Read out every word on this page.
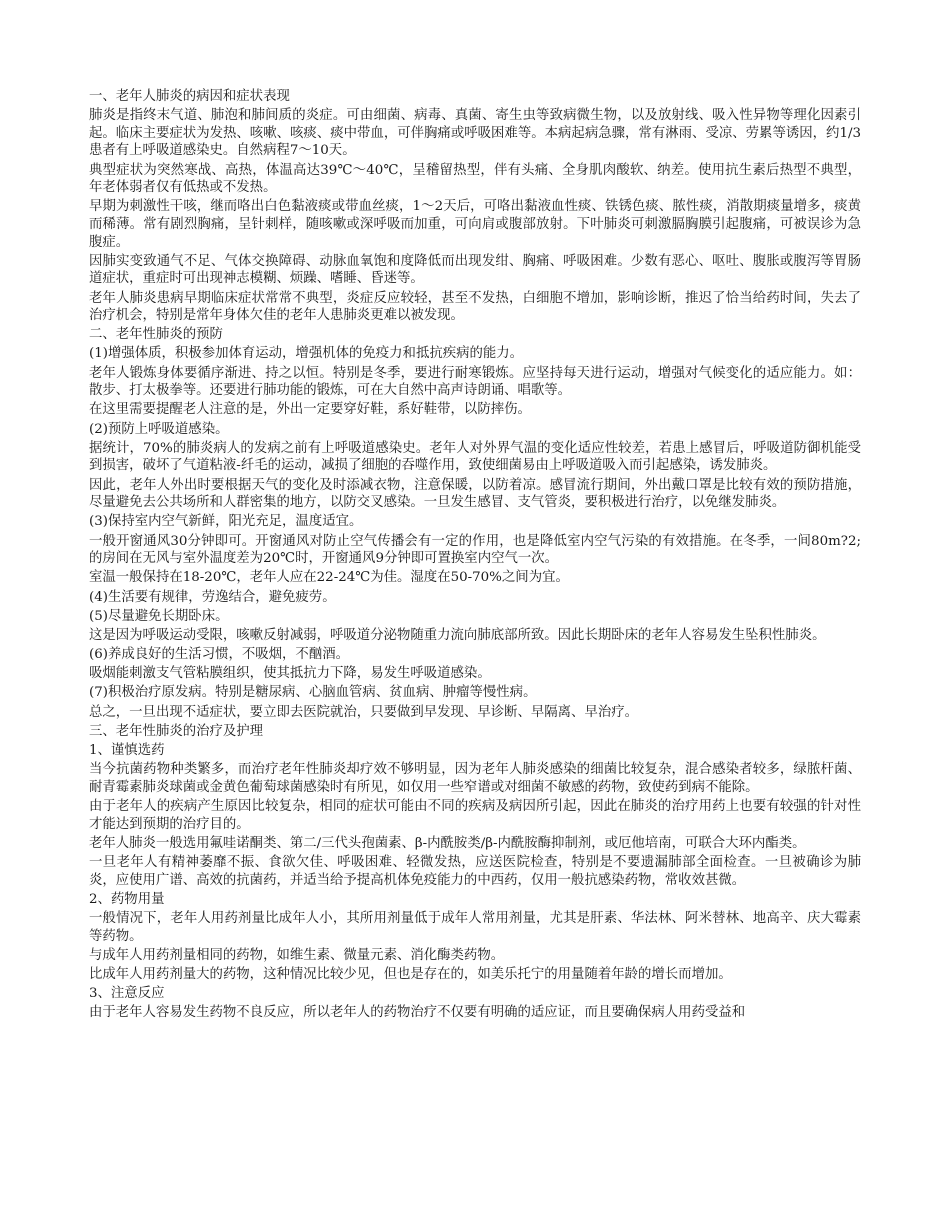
一、老年人肺炎的病因和症状表现

肺炎是指终末气道、肺泡和肺间质的炎症。可由细菌、病毒、真菌、寄生虫等致病微生物，以及放射线、吸入性异物等理化因素引起。临床主要症状为发热、咳嗽、咳痰、痰中带血，可伴胸痛或呼吸困难等。本病起病急骤，常有淋雨、受凉、劳累等诱因，约1/3患者有上呼吸道感染史。自然病程7～10天。

典型症状为突然寒战、高热，体温高达39℃～40℃，呈稽留热型，伴有头痛、全身肌肉酸软、纳差。使用抗生素后热型不典型，年老体弱者仅有低热或不发热。

早期为刺激性干咳，继而咯出白色黏液痰或带血丝痰，1～2天后，可咯出黏液血性痰、铁锈色痰、脓性痰，消散期痰量增多，痰黄而稀薄。常有剧烈胸痛，呈针刺样，随咳嗽或深呼吸而加重，可向肩或腹部放射。下叶肺炎可刺激膈胸膜引起腹痛，可被误诊为急腹症。

因肺实变致通气不足、气体交换障碍、动脉血氧饱和度降低而出现发绀、胸痛、呼吸困难。少数有恶心、呕吐、腹胀或腹泻等胃肠道症状，重症时可出现神志模糊、烦躁、嗜睡、昏迷等。

老年人肺炎患病早期临床症状常常不典型，炎症反应较轻，甚至不发热，白细胞不增加，影响诊断，推迟了恰当给药时间，失去了治疗机会，特别是常年身体欠佳的老年人患肺炎更难以被发现。

二、老年性肺炎的预防

(1)增强体质，积极参加体育运动，增强机体的免疫力和抵抗疾病的能力。

老年人锻炼身体要循序渐进、持之以恒。特别是冬季，要进行耐寒锻炼。应坚持每天进行运动，增强对气候变化的适应能力。如：散步、打太极拳等。还要进行肺功能的锻炼，可在大自然中高声诗朗诵、唱歌等。

在这里需要提醒老人注意的是，外出一定要穿好鞋，系好鞋带，以防摔伤。

(2)预防上呼吸道感染。

据统计，70%的肺炎病人的发病之前有上呼吸道感染史。老年人对外界气温的变化适应性较差，若患上感冒后，呼吸道防御机能受到损害，破坏了气道粘液-纤毛的运动，减损了细胞的吞噬作用，致使细菌易由上呼吸道吸入而引起感染，诱发肺炎。

因此，老年人外出时要根据天气的变化及时添减衣物，注意保暖，以防着凉。感冒流行期间，外出戴口罩是比较有效的预防措施，尽量避免去公共场所和人群密集的地方，以防交叉感染。一旦发生感冒、支气管炎，要积极进行治疗，以免继发肺炎。

(3)保持室内空气新鲜，阳光充足，温度适宜。

一般开窗通风30分钟即可。开窗通风对防止空气传播会有一定的作用，也是降低室内空气污染的有效措施。在冬季，一间80m?2;的房间在无风与室外温度差为20℃时，开窗通风9分钟即可置换室内空气一次。

室温一般保持在18-20℃，老年人应在22-24℃为佳。湿度在50-70%之间为宜。

(4)生活要有规律，劳逸结合，避免疲劳。

(5)尽量避免长期卧床。

这是因为呼吸运动受限，咳嗽反射减弱，呼吸道分泌物随重力流向肺底部所致。因此长期卧床的老年人容易发生坠积性肺炎。

(6)养成良好的生活习惯，不吸烟，不酗酒。

吸烟能刺激支气管粘膜组织，使其抵抗力下降，易发生呼吸道感染。

(7)积极治疗原发病。特别是糖尿病、心脑血管病、贫血病、肿瘤等慢性病。

总之，一旦出现不适症状，要立即去医院就治，只要做到早发现、早诊断、早隔离、早治疗。

三、老年性肺炎的治疗及护理

1、谨慎选药

当今抗菌药物种类繁多，而治疗老年性肺炎却疗效不够明显，因为老年人肺炎感染的细菌比较复杂，混合感染者较多，绿脓杆菌、耐青霉素肺炎球菌或金黄色葡萄球菌感染时有所见，如仅用一些窄谱或对细菌不敏感的药物，致使药到病不能除。

由于老年人的疾病产生原因比较复杂，相同的症状可能由不同的疾病及病因所引起，因此在肺炎的治疗用药上也要有较强的针对性才能达到预期的治疗目的。

老年人肺炎一般选用氟哇诺酮类、第二/三代头孢菌素、β-内酰胺类/β-内酰胺酶抑制剂，或厄他培南，可联合大环内酯类。

一旦老年人有精神萎靡不振、食欲欠佳、呼吸困难、轻微发热，应送医院检查，特别是不要遗漏肺部全面检查。一旦被确诊为肺炎，应使用广谱、高效的抗菌药，并适当给予提高机体免疫能力的中西药，仅用一般抗感染药物，常收效甚微。

2、药物用量

一般情况下，老年人用药剂量比成年人小，其所用剂量低于成年人常用剂量，尤其是肝素、华法林、阿米替林、地高辛、庆大霉素等药物。

与成年人用药剂量相同的药物，如维生素、微量元素、消化酶类药物。

比成年人用药剂量大的药物，这种情况比较少见，但也是存在的，如美乐托宁的用量随着年龄的增长而增加。

3、注意反应

由于老年人容易发生药物不良反应，所以老年人的药物治疗不仅要有明确的适应证，而且要确保病人用药受益和
